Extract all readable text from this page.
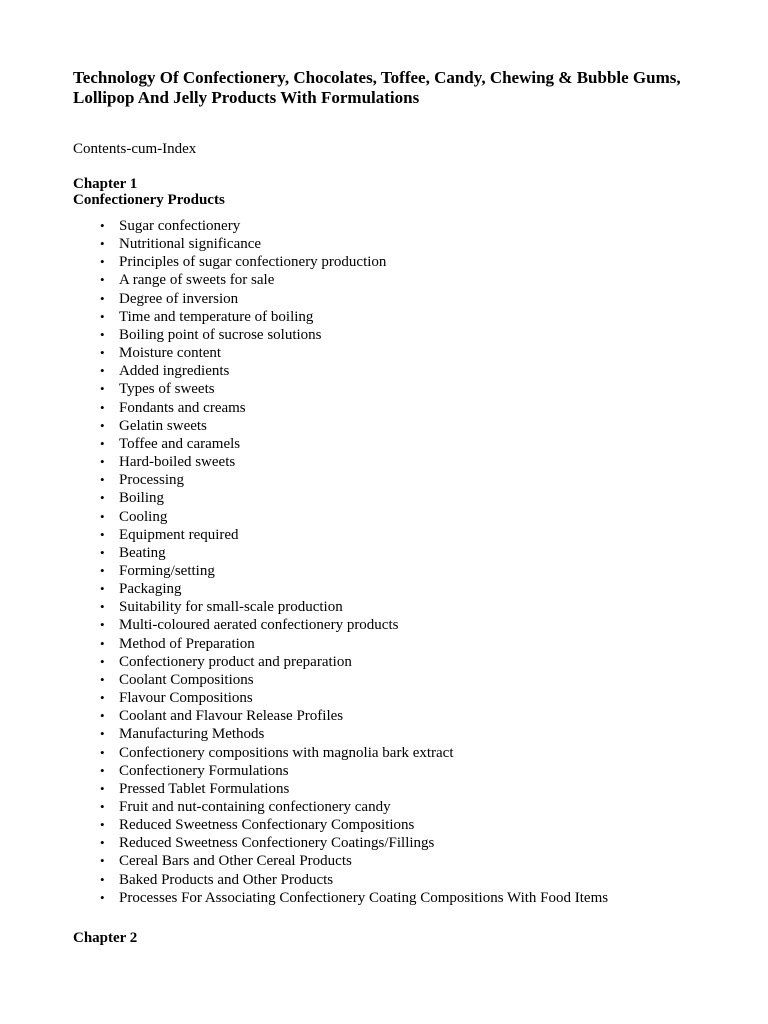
Technology Of Confectionery, Chocolates, Toffee, Candy, Chewing & Bubble Gums, Lollipop And Jelly Products With Formulations
Contents-cum-Index
Chapter 1
Confectionery Products
• Sugar confectionery
• Nutritional significance
• Principles of sugar confectionery production
• A range of sweets for sale
• Degree of inversion
• Time and temperature of boiling
• Boiling point of sucrose solutions
• Moisture content
• Added ingredients
• Types of sweets
• Fondants and creams
• Gelatin sweets
• Toffee and caramels
• Hard-boiled sweets
• Processing
• Boiling
• Cooling
• Equipment required
• Beating
• Forming/setting
• Packaging
• Suitability for small-scale production
• Multi-coloured aerated confectionery products
• Method of Preparation
• Confectionery product and preparation
• Coolant Compositions
• Flavour Compositions
• Coolant and Flavour Release Profiles
• Manufacturing Methods
• Confectionery compositions with magnolia bark extract
• Confectionery Formulations
• Pressed Tablet Formulations
• Fruit and nut-containing confectionery candy
• Reduced Sweetness Confectionary Compositions
• Reduced Sweetness Confectionery Coatings/Fillings
• Cereal Bars and Other Cereal Products
• Baked Products and Other Products
• Processes For Associating Confectionery Coating Compositions With Food Items
Chapter 2
